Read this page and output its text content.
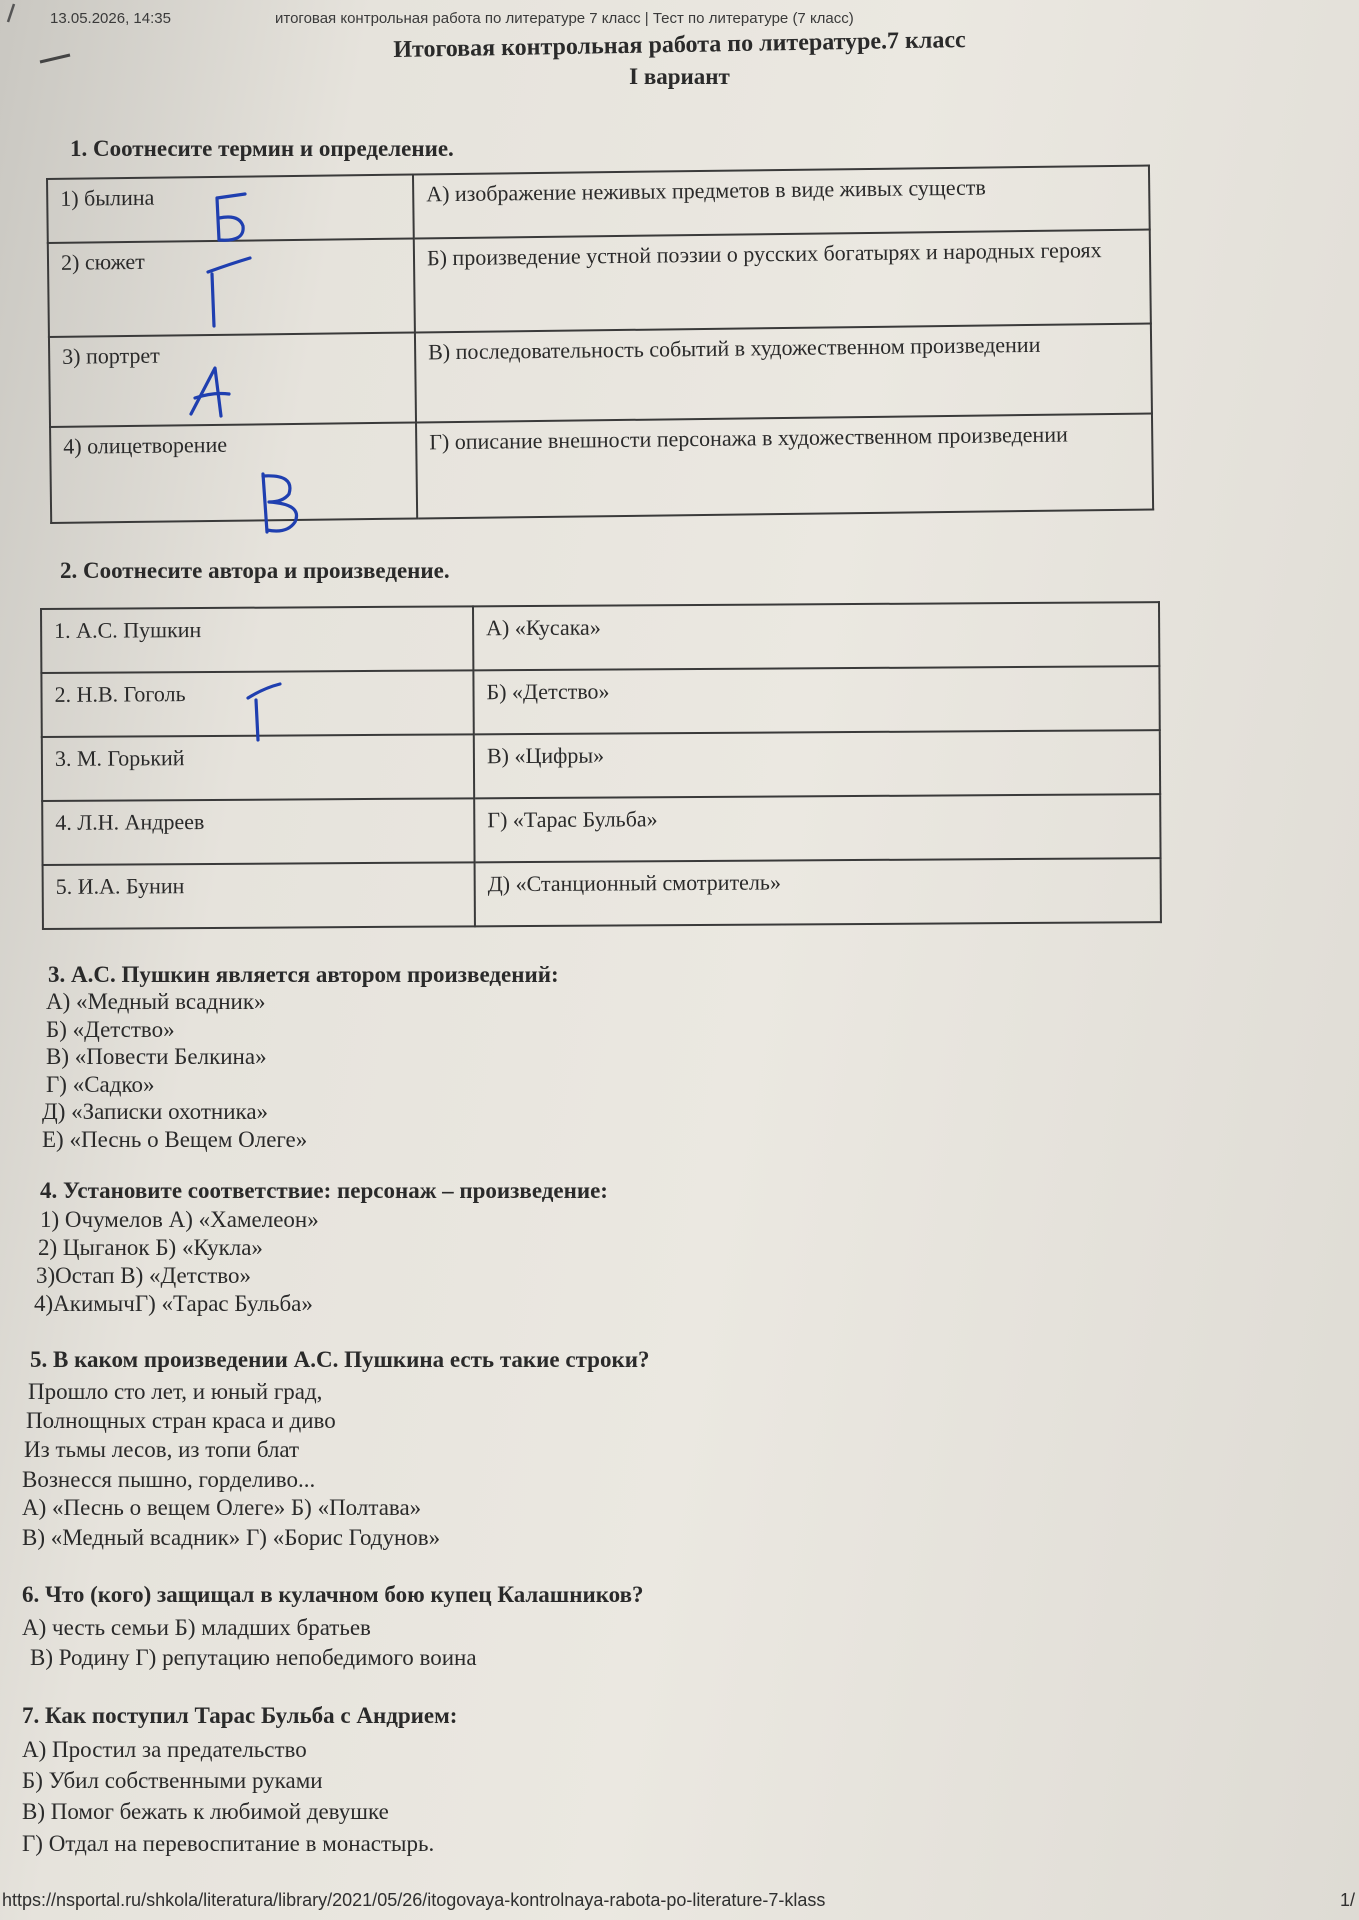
13.05.2026, 14:35	итоговая контрольная работа по литературе 7 класс | Тест по литературе (7 класс)
Итоговая контрольная работа по литературе.7 класс
I вариант
1. Соотнесите термин и определение.
1) былина	А) изображение неживых предметов в виде живых существ
2) сюжет	Б) произведение устной поэзии о русских богатырях и народных героях
3) портрет	В) последовательность событий в художественном произведении
4) олицетворение	Г) описание внешности персонажа в художественном произведении
2. Соотнесите автора и произведение.
1. А.С. Пушкин	А) «Кусака»
2. Н.В. Гоголь	Б) «Детство»
3. М. Горький	В) «Цифры»
4. Л.Н. Андреев	Г) «Тарас Бульба»
5. И.А. Бунин	Д) «Станционный смотритель»
3. А.С. Пушкин является автором произведений:
А) «Медный всадник»
Б) «Детство»
В) «Повести Белкина»
Г) «Садко»
Д) «Записки охотника»
Е) «Песнь о Вещем Олеге»
4. Установите соответствие: персонаж – произведение:
1) Очумелов А) «Хамелеон»
2) Цыганок Б) «Кукла»
3)Остап В) «Детство»
4)АкимычГ) «Тарас Бульба»
5. В каком произведении А.С. Пушкина есть такие строки?
Прошло сто лет, и юный град,
Полнощных стран краса и диво
Из тьмы лесов, из топи блат
Вознесся пышно, горделиво...
А) «Песнь о вещем Олеге» Б) «Полтава»
В) «Медный всадник» Г) «Борис Годунов»
6. Что (кого) защищал в кулачном бою купец Калашников?
А) честь семьи Б) младших братьев
В) Родину Г) репутацию непобедимого воина
7. Как поступил Тарас Бульба с Андрием:
А) Простил за предательство
Б) Убил собственными руками
В) Помог бежать к любимой девушке
Г) Отдал на перевоспитание в монастырь.
https://nsportal.ru/shkola/literatura/library/2021/05/26/itogovaya-kontrolnaya-rabota-po-literature-7-klass	1/
